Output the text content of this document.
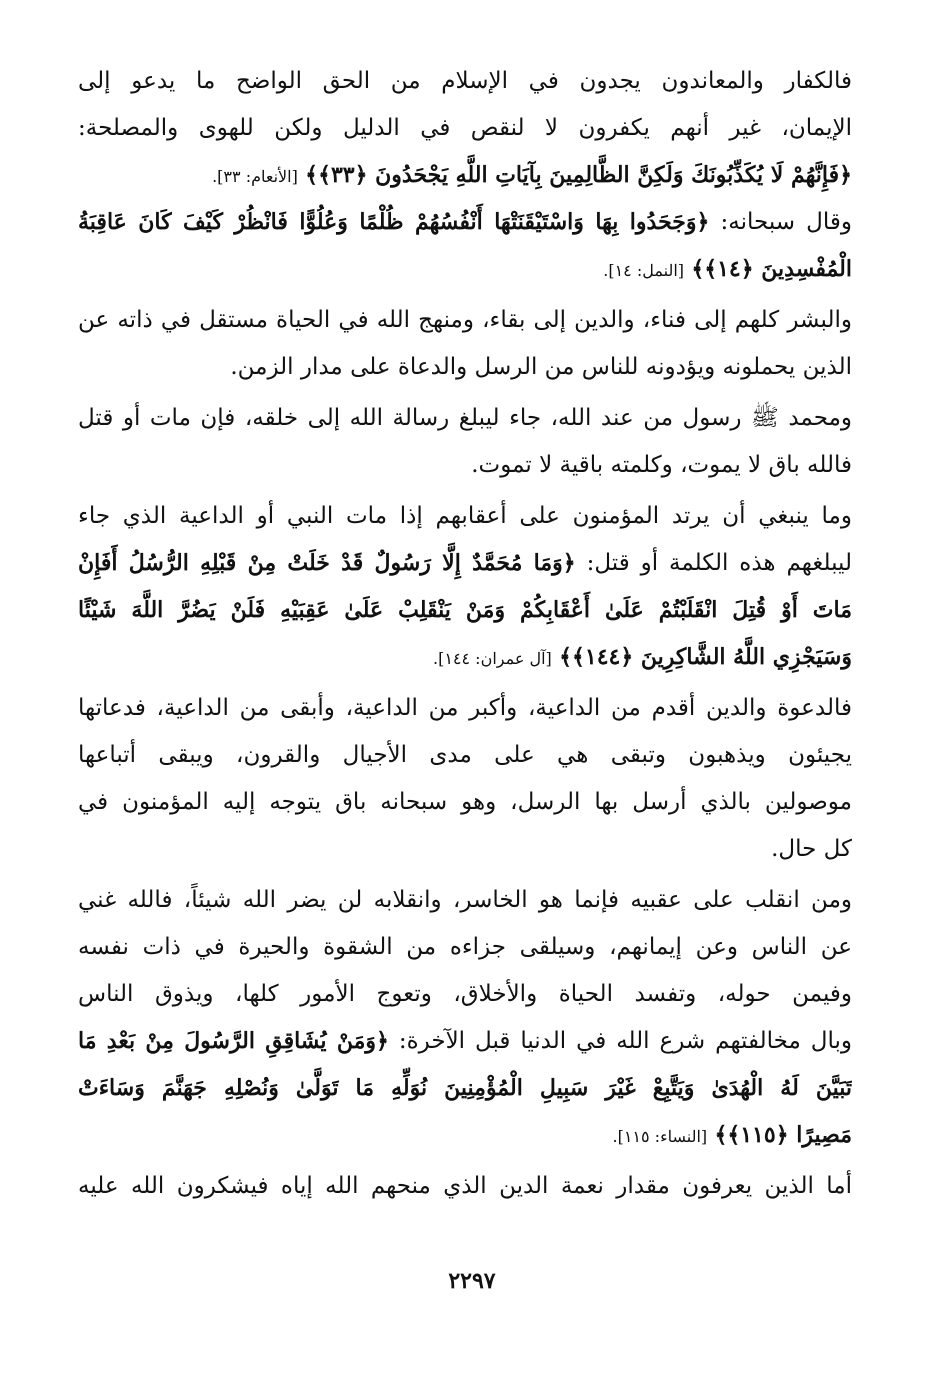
فالكفار والمعاندون يجدون في الإسلام من الحق الواضح ما يدعو إلى
الإيمان، غير أنهم يكفرون لا لنقص في الدليل ولكن للهوى والمصلحة:
﴿فَإِنَّهُمْ لَا يُكَذِّبُونَكَ وَلَكِنَّ الظَّالِمِينَ بِآيَاتِ اللَّهِ يَجْحَدُونَ ﴿٣٣﴾﴾ [الأنعام: ٣٣].
وقال سبحانه: ﴿وَجَحَدُوا بِهَا وَاسْتَيْقَنَتْهَا أَنْفُسُهُمْ ظُلْمًا وَعُلُوًّا فَانْظُرْ كَيْفَ كَانَ عَاقِبَةُ
الْمُفْسِدِينَ ﴿١٤﴾﴾ [النمل: ١٤].
والبشر كلهم إلى فناء، والدين إلى بقاء، ومنهج الله في الحياة مستقل في ذاته عن
الذين يحملونه ويؤدونه للناس من الرسل والدعاة على مدار الزمن.
ومحمد ﷺ رسول من عند الله، جاء ليبلغ رسالة الله إلى خلقه، فإن مات أو قتل
فالله باق لا يموت، وكلمته باقية لا تموت.
وما ينبغي أن يرتد المؤمنون على أعقابهم إذا مات النبي أو الداعية الذي جاء
ليبلغهم هذه الكلمة أو قتل: ﴿وَمَا مُحَمَّدٌ إِلَّا رَسُولٌ قَدْ خَلَتْ مِنْ قَبْلِهِ الرُّسُلُ أَفَإِنْ
مَاتَ أَوْ قُتِلَ انْقَلَبْتُمْ عَلَىٰ أَعْقَابِكُمْ وَمَنْ يَنْقَلِبْ عَلَىٰ عَقِبَيْهِ فَلَنْ يَضُرَّ اللَّهَ شَيْئًا
وَسَيَجْزِي اللَّهُ الشَّاكِرِينَ ﴿١٤٤﴾﴾ [آل عمران: ١٤٤].
فالدعوة والدين أقدم من الداعية، وأكبر من الداعية، وأبقى من الداعية، فدعاتها
يجيئون ويذهبون وتبقى هي على مدى الأجيال والقرون، ويبقى أتباعها
موصولين بالذي أرسل بها الرسل، وهو سبحانه باق يتوجه إليه المؤمنون في
كل حال.
ومن انقلب على عقبيه فإنما هو الخاسر، وانقلابه لن يضر الله شيئاً، فالله غني
عن الناس وعن إيمانهم، وسيلقى جزاءه من الشقوة والحيرة في ذات نفسه
وفيمن حوله، وتفسد الحياة والأخلاق، وتعوج الأمور كلها، ويذوق الناس
وبال مخالفتهم شرع الله في الدنيا قبل الآخرة: ﴿وَمَنْ يُشَاقِقِ الرَّسُولَ مِنْ بَعْدِ مَا
تَبَيَّنَ لَهُ الْهُدَىٰ وَيَتَّبِعْ غَيْرَ سَبِيلِ الْمُؤْمِنِينَ نُوَلِّهِ مَا تَوَلَّىٰ وَنُصْلِهِ جَهَنَّمَ وَسَاءَتْ
مَصِيرًا ﴿١١٥﴾﴾ [النساء: ١١٥].
أما الذين يعرفون مقدار نعمة الدين الذي منحهم الله إياه فيشكرون الله عليه
٢٢٩٧
